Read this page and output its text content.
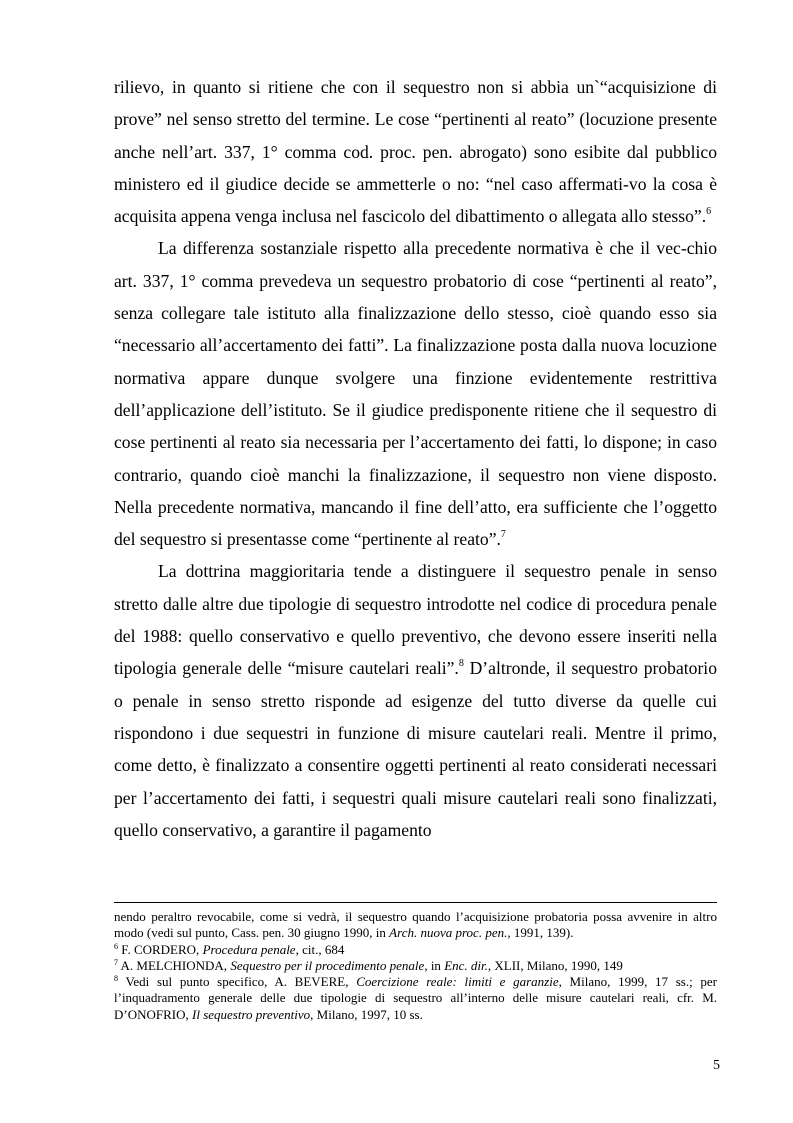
rilievo, in quanto si ritiene che con il sequestro non si abbia un`“acquisizione di prove” nel senso stretto del termine. Le cose “pertinenti al reato” (locuzione presente anche nell’art. 337, 1° comma cod. proc. pen. abrogato) sono esibite dal pubblico ministero ed il giudice decide se ammetterle o no: “nel caso affermati-vo la cosa è acquisita appena venga inclusa nel fascicolo del dibattimento o allegata allo stesso”.$^6$

La differenza sostanziale rispetto alla precedente normativa è che il vec-chio art. 337, 1° comma prevedeva un sequestro probatorio di cose “pertinenti al reato”, senza collegare tale istituto alla finalizzazione dello stesso, cioè quando esso sia “necessario all’accertamento dei fatti”. La finalizzazione posta dalla nuova locuzione normativa appare dunque svolgere una finzione evidentemente restrittiva dell’applicazione dell’istituto. Se il giudice predisponente ritiene che il sequestro di cose pertinenti al reato sia necessaria per l’accertamento dei fatti, lo dispone; in caso contrario, quando cioè manchi la finalizzazione, il sequestro non viene disposto. Nella precedente normativa, mancando il fine dell’atto, era sufficiente che l’oggetto del sequestro si presentasse come “pertinente al reato”.$^7$

La dottrina maggioritaria tende a distinguere il sequestro penale in senso stretto dalle altre due tipologie di sequestro introdotte nel codice di procedura penale del 1988: quello conservativo e quello preventivo, che devono essere inseriti nella tipologia generale delle “misure cautelari reali”.$^8$ D’altronde, il sequestro probatorio o penale in senso stretto risponde ad esigenze del tutto diverse da quelle cui rispondono i due sequestri in funzione di misure cautelari reali. Mentre il primo, come detto, è finalizzato a consentire oggetti pertinenti al reato considerati necessari per l’accertamento dei fatti, i sequestri quali misure cautelari reali sono finalizzati, quello conservativo, a garantire il pagamento

nendo peraltro revocabile, come si vedrà, il sequestro quando l’acquisizione probatoria possa avvenire in altro modo (vedi sul punto, Cass. pen. 30 giugno 1990, in Arch. nuova proc. pen., 1991, 139).

$^6$ F. CORDERO, Procedura penale, cit., 684

$^7$ A. MELCHIONDA, Sequestro per il procedimento penale, in Enc. dir., XLII, Milano, 1990, 149

$^8$ Vedi sul punto specifico, A. BEVERE, Coercizione reale: limiti e garanzie, Milano, 1999, 17 ss.; per l’inquadramento generale delle due tipologie di sequestro all’interno delle misure cautelari reali, cfr. M. D’ONOFRIO, Il sequestro preventivo, Milano, 1997, 10 ss.

5
